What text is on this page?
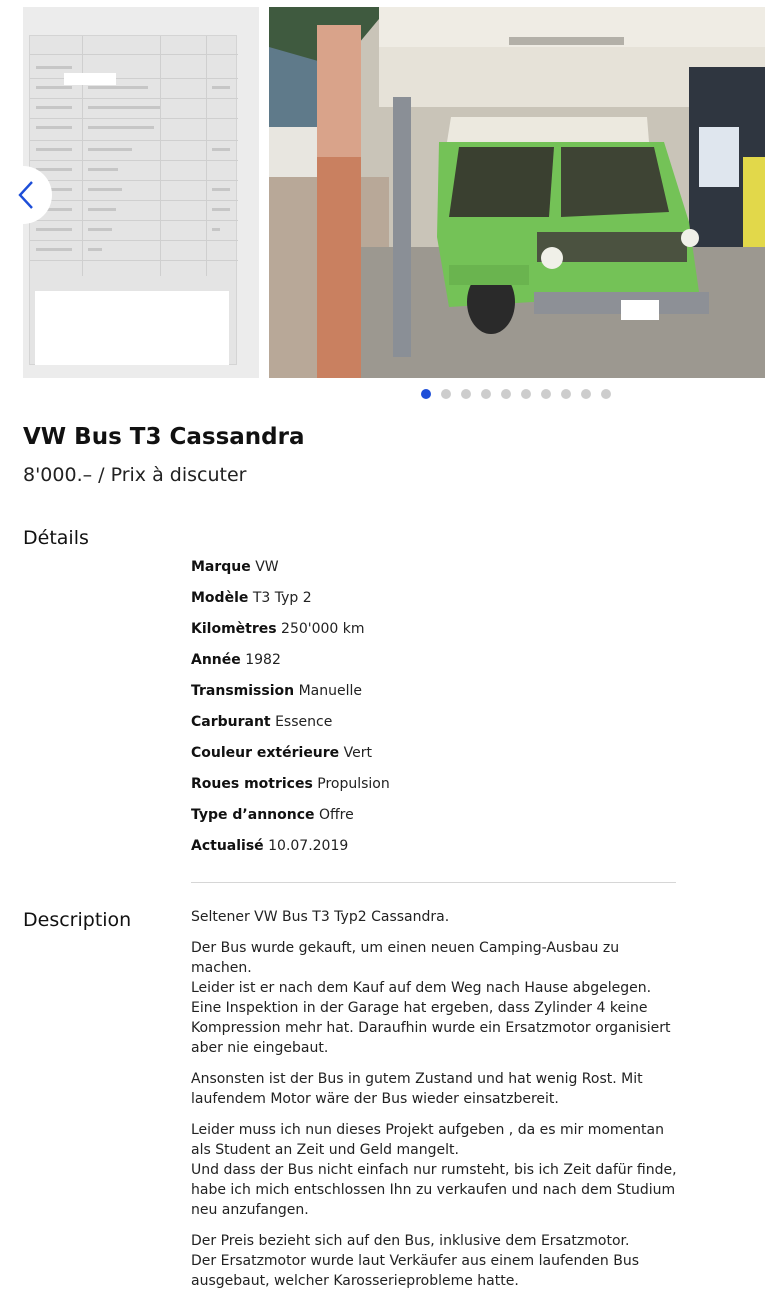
VW Bus T3 Cassandra
8'000.– / Prix à discuter
Détails
Marque VW
Modèle T3 Typ 2
Kilomètres 250'000 km
Année 1982
Transmission Manuelle
Carburant Essence
Couleur extérieure Vert
Roues motrices Propulsion
Type d’annonce Offre
Actualisé 10.07.2019
Description	Seltener VW Bus T3 Typ2 Cassandra.

Der Bus wurde gekauft, um einen neuen Camping-Ausbau zu machen.
Leider ist er nach dem Kauf auf dem Weg nach Hause abgelegen.
Eine Inspektion in der Garage hat ergeben, dass Zylinder 4 keine Kompression mehr hat. Daraufhin wurde ein Ersatzmotor organisiert aber nie eingebaut.

Ansonsten ist der Bus in gutem Zustand und hat wenig Rost. Mit laufendem Motor wäre der Bus wieder einsatzbereit.

Leider muss ich nun dieses Projekt aufgeben , da es mir momentan als Student an Zeit und Geld mangelt.
Und dass der Bus nicht einfach nur rumsteht, bis ich Zeit dafür finde, habe ich mich entschlossen Ihn zu verkaufen und nach dem Studium neu anzufangen.

Der Preis bezieht sich auf den Bus, inklusive dem Ersatzmotor.
Der Ersatzmotor wurde laut Verkäufer aus einem laufenden Bus ausgebaut, welcher Karosserieprobleme hatte.
